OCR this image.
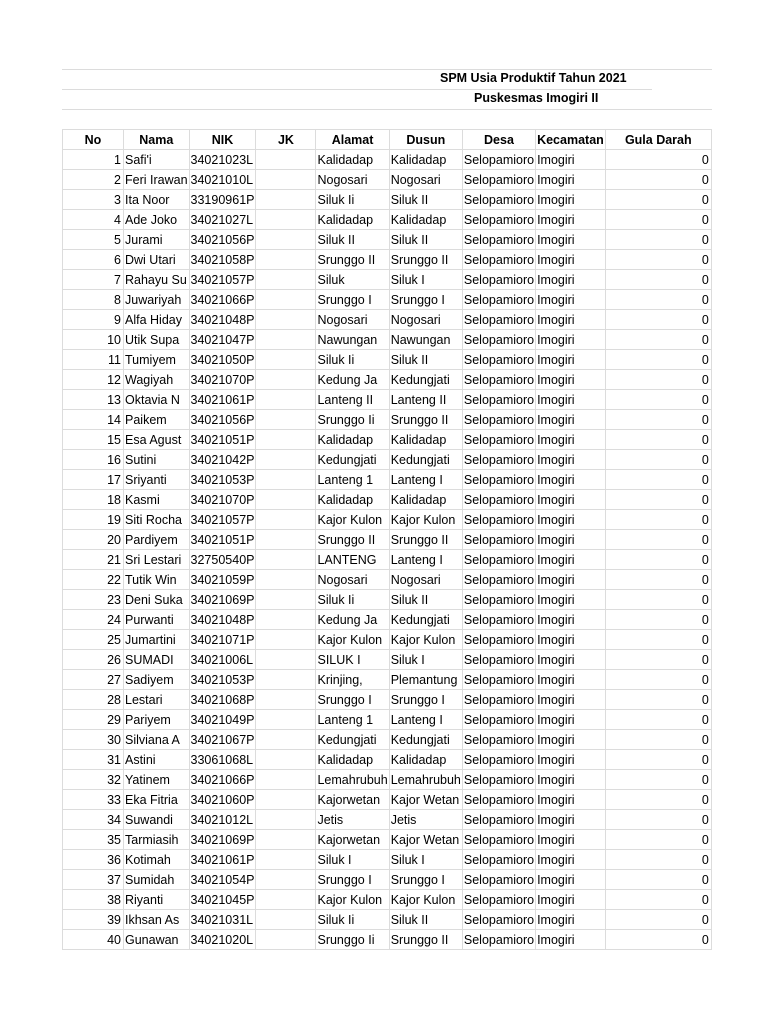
SPM Usia Produktif Tahun 2021
Puskesmas Imogiri II
No	Nama	NIK	JK	Alamat	Dusun	Desa	Kecamatan	Gula Darah
1	Safi'i	34021023L		Kalidadap	Kalidadap	Selopamioro	Imogiri	0
2	Feri Irawan	34021010L		Nogosari	Nogosari	Selopamioro	Imogiri	0
3	Ita Noor	33190961P		Siluk Ii	Siluk II	Selopamioro	Imogiri	0
4	Ade Joko	34021027L		Kalidadap	Kalidadap	Selopamioro	Imogiri	0
5	Jurami	34021056P		Siluk II	Siluk II	Selopamioro	Imogiri	0
6	Dwi Utari	34021058P		Srunggo II	Srunggo II	Selopamioro	Imogiri	0
7	Rahayu Su	34021057P		Siluk	Siluk I	Selopamioro	Imogiri	0
8	Juwariyah	34021066P		Srunggo I	Srunggo I	Selopamioro	Imogiri	0
9	Alfa Hiday	34021048P		Nogosari	Nogosari	Selopamioro	Imogiri	0
10	Utik Supa	34021047P		Nawungan	Nawungan	Selopamioro	Imogiri	0
11	Tumiyem	34021050P		Siluk Ii	Siluk II	Selopamioro	Imogiri	0
12	Wagiyah	34021070P		Kedung Ja	Kedungjati	Selopamioro	Imogiri	0
13	Oktavia N	34021061P		Lanteng II	Lanteng II	Selopamioro	Imogiri	0
14	Paikem	34021056P		Srunggo Ii	Srunggo II	Selopamioro	Imogiri	0
15	Esa Agust	34021051P		Kalidadap	Kalidadap	Selopamioro	Imogiri	0
16	Sutini	34021042P		Kedungjati	Kedungjati	Selopamioro	Imogiri	0
17	Sriyanti	34021053P		Lanteng 1	Lanteng I	Selopamioro	Imogiri	0
18	Kasmi	34021070P		Kalidadap	Kalidadap	Selopamioro	Imogiri	0
19	Siti Rocha	34021057P		Kajor Kulon	Kajor Kulon	Selopamioro	Imogiri	0
20	Pardiyem	34021051P		Srunggo II	Srunggo II	Selopamioro	Imogiri	0
21	Sri Lestari	32750540P		LANTENG	Lanteng I	Selopamioro	Imogiri	0
22	Tutik Win	34021059P		Nogosari	Nogosari	Selopamioro	Imogiri	0
23	Deni Suka	34021069P		Siluk Ii	Siluk II	Selopamioro	Imogiri	0
24	Purwanti	34021048P		Kedung Ja	Kedungjati	Selopamioro	Imogiri	0
25	Jumartini	34021071P		Kajor Kulon	Kajor Kulon	Selopamioro	Imogiri	0
26	SUMADI	34021006L		SILUK I	Siluk I	Selopamioro	Imogiri	0
27	Sadiyem	34021053P		Krinjing,	Plemantung	Selopamioro	Imogiri	0
28	Lestari	34021068P		Srunggo I	Srunggo I	Selopamioro	Imogiri	0
29	Pariyem	34021049P		Lanteng 1	Lanteng I	Selopamioro	Imogiri	0
30	Silviana A	34021067P		Kedungjati	Kedungjati	Selopamioro	Imogiri	0
31	Astini	33061068L		Kalidadap	Kalidadap	Selopamioro	Imogiri	0
32	Yatinem	34021066P		Lemahrubuh	Lemahrubuh	Selopamioro	Imogiri	0
33	Eka Fitria	34021060P		Kajorwetan	Kajor Wetan	Selopamioro	Imogiri	0
34	Suwandi	34021012L		Jetis	Jetis	Selopamioro	Imogiri	0
35	Tarmiasih	34021069P		Kajorwetan	Kajor Wetan	Selopamioro	Imogiri	0
36	Kotimah	34021061P		Siluk I	Siluk I	Selopamioro	Imogiri	0
37	Sumidah	34021054P		Srunggo I	Srunggo I	Selopamioro	Imogiri	0
38	Riyanti	34021045P		Kajor Kulon	Kajor Kulon	Selopamioro	Imogiri	0
39	Ikhsan As	34021031L		Siluk Ii	Siluk II	Selopamioro	Imogiri	0
40	Gunawan	34021020L		Srunggo Ii	Srunggo II	Selopamioro	Imogiri	0
